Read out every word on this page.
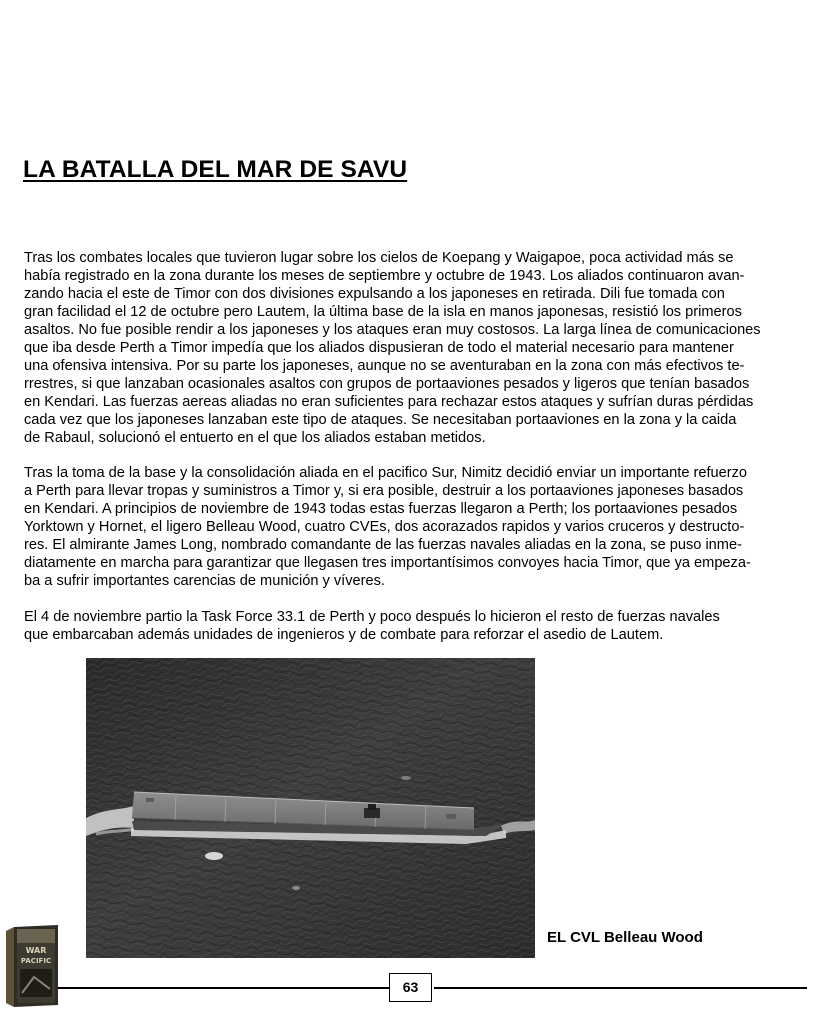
LA BATALLA DEL MAR DE SAVU
Tras los combates locales que tuvieron lugar sobre los cielos de Koepang y Waigapoe, poca actividad más se
había registrado en la zona durante los meses de septiembre y octubre de 1943. Los aliados continuaron avan-
zando hacia el este de Timor con dos divisiones expulsando a los japoneses en retirada. Dili fue tomada con
gran facilidad el 12 de octubre pero Lautem, la última base de la isla en manos japonesas, resistió los primeros
asaltos. No fue posible rendir a los japoneses y los ataques eran muy costosos. La larga línea de comunicaciones
que iba desde Perth a Timor impedía que los aliados dispusieran de todo el material necesario para mantener
una ofensiva intensiva. Por su parte los japoneses, aunque no se aventuraban en la zona con más efectivos te-
rrestres, si que lanzaban ocasionales asaltos con grupos de portaaviones pesados y ligeros que tenían basados
en Kendari. Las fuerzas aereas aliadas no eran suficientes para rechazar estos ataques y sufrían duras pérdidas
cada vez que los japoneses lanzaban este tipo de ataques. Se necesitaban portaaviones en la zona y la caida
de Rabaul, solucionó el entuerto en el que los aliados estaban metidos.
Tras la toma de la base y la consolidación aliada en el pacifico Sur, Nimitz decidió enviar un importante refuerzo
a Perth para llevar tropas y suministros a Timor y, si era posible, destruir a los portaaviones japoneses basados
en Kendari. A principios de noviembre de 1943 todas estas fuerzas llegaron a Perth; los portaaviones pesados
Yorktown y Hornet, el ligero Belleau Wood, cuatro CVEs, dos acorazados rapidos y varios cruceros y destructo-
res. El almirante James Long, nombrado comandante de las fuerzas navales aliadas en la zona, se puso inme-
diatamente en marcha para garantizar que llegasen tres importantísimos convoyes hacia Timor, que ya empeza-
ba a sufrir importantes carencias de munición y víveres.
El 4 de noviembre partio la Task Force 33.1 de Perth y poco después lo hicieron el resto de fuerzas navales
que embarcaban además unidades de ingenieros y de combate para reforzar el asedio de Lautem.
EL CVL Belleau Wood
63
WAR
PACIFIC
